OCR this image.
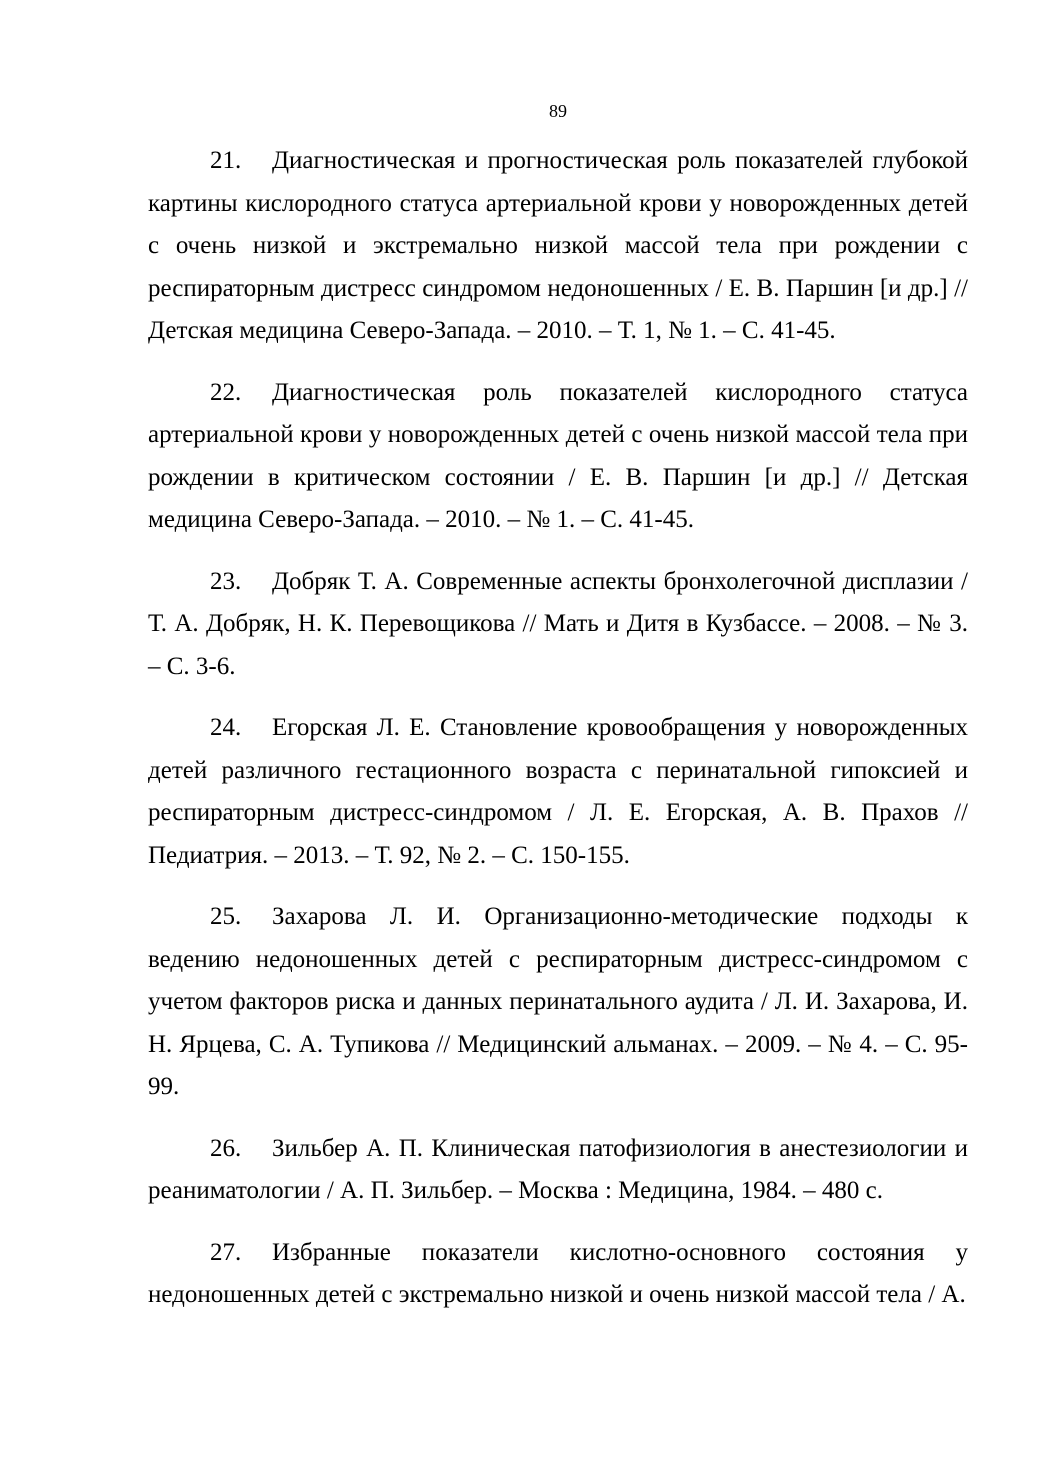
89

21. Диагностическая и прогностическая роль показателей глубокой картины кислородного статуса артериальной крови у новорожденных детей с очень низкой и экстремально низкой массой тела при рождении с респираторным дистресс синдромом недоношенных / Е. В. Паршин [и др.] // Детская медицина Северо-Запада. – 2010. – Т. 1, № 1. – С. 41-45.

22. Диагностическая роль показателей кислородного статуса артериальной крови у новорожденных детей с очень низкой массой тела при рождении в критическом состоянии / Е. В. Паршин [и др.] // Детская медицина Северо-Запада. – 2010. – № 1. – С. 41-45.

23. Добряк Т. А. Современные аспекты бронхолегочной дисплазии / Т. А. Добряк, Н. К. Перевощикова // Мать и Дитя в Кузбассе. – 2008. – № 3. – С. 3-6.

24. Егорская Л. Е. Становление кровообращения у новорожденных детей различного гестационного возраста с перинатальной гипоксией и респираторным дистресс-синдромом / Л. Е. Егорская, А. В. Прахов // Педиатрия. – 2013. – Т. 92, № 2. – С. 150-155.

25. Захарова Л. И. Организационно-методические подходы к ведению недоношенных детей с респираторным дистресс-синдромом с учетом факторов риска и данных перинатального аудита / Л. И. Захарова, И. Н. Ярцева, С. А. Тупикова // Медицинский альманах. – 2009. – № 4. – С. 95-99.

26. Зильбер А. П. Клиническая патофизиология в анестезиологии и реаниматологии / А. П. Зильбер. – Москва : Медицина, 1984. – 480 с.

27. Избранные показатели кислотно-основного состояния у недоношенных детей с экстремально низкой и очень низкой массой тела / А.
